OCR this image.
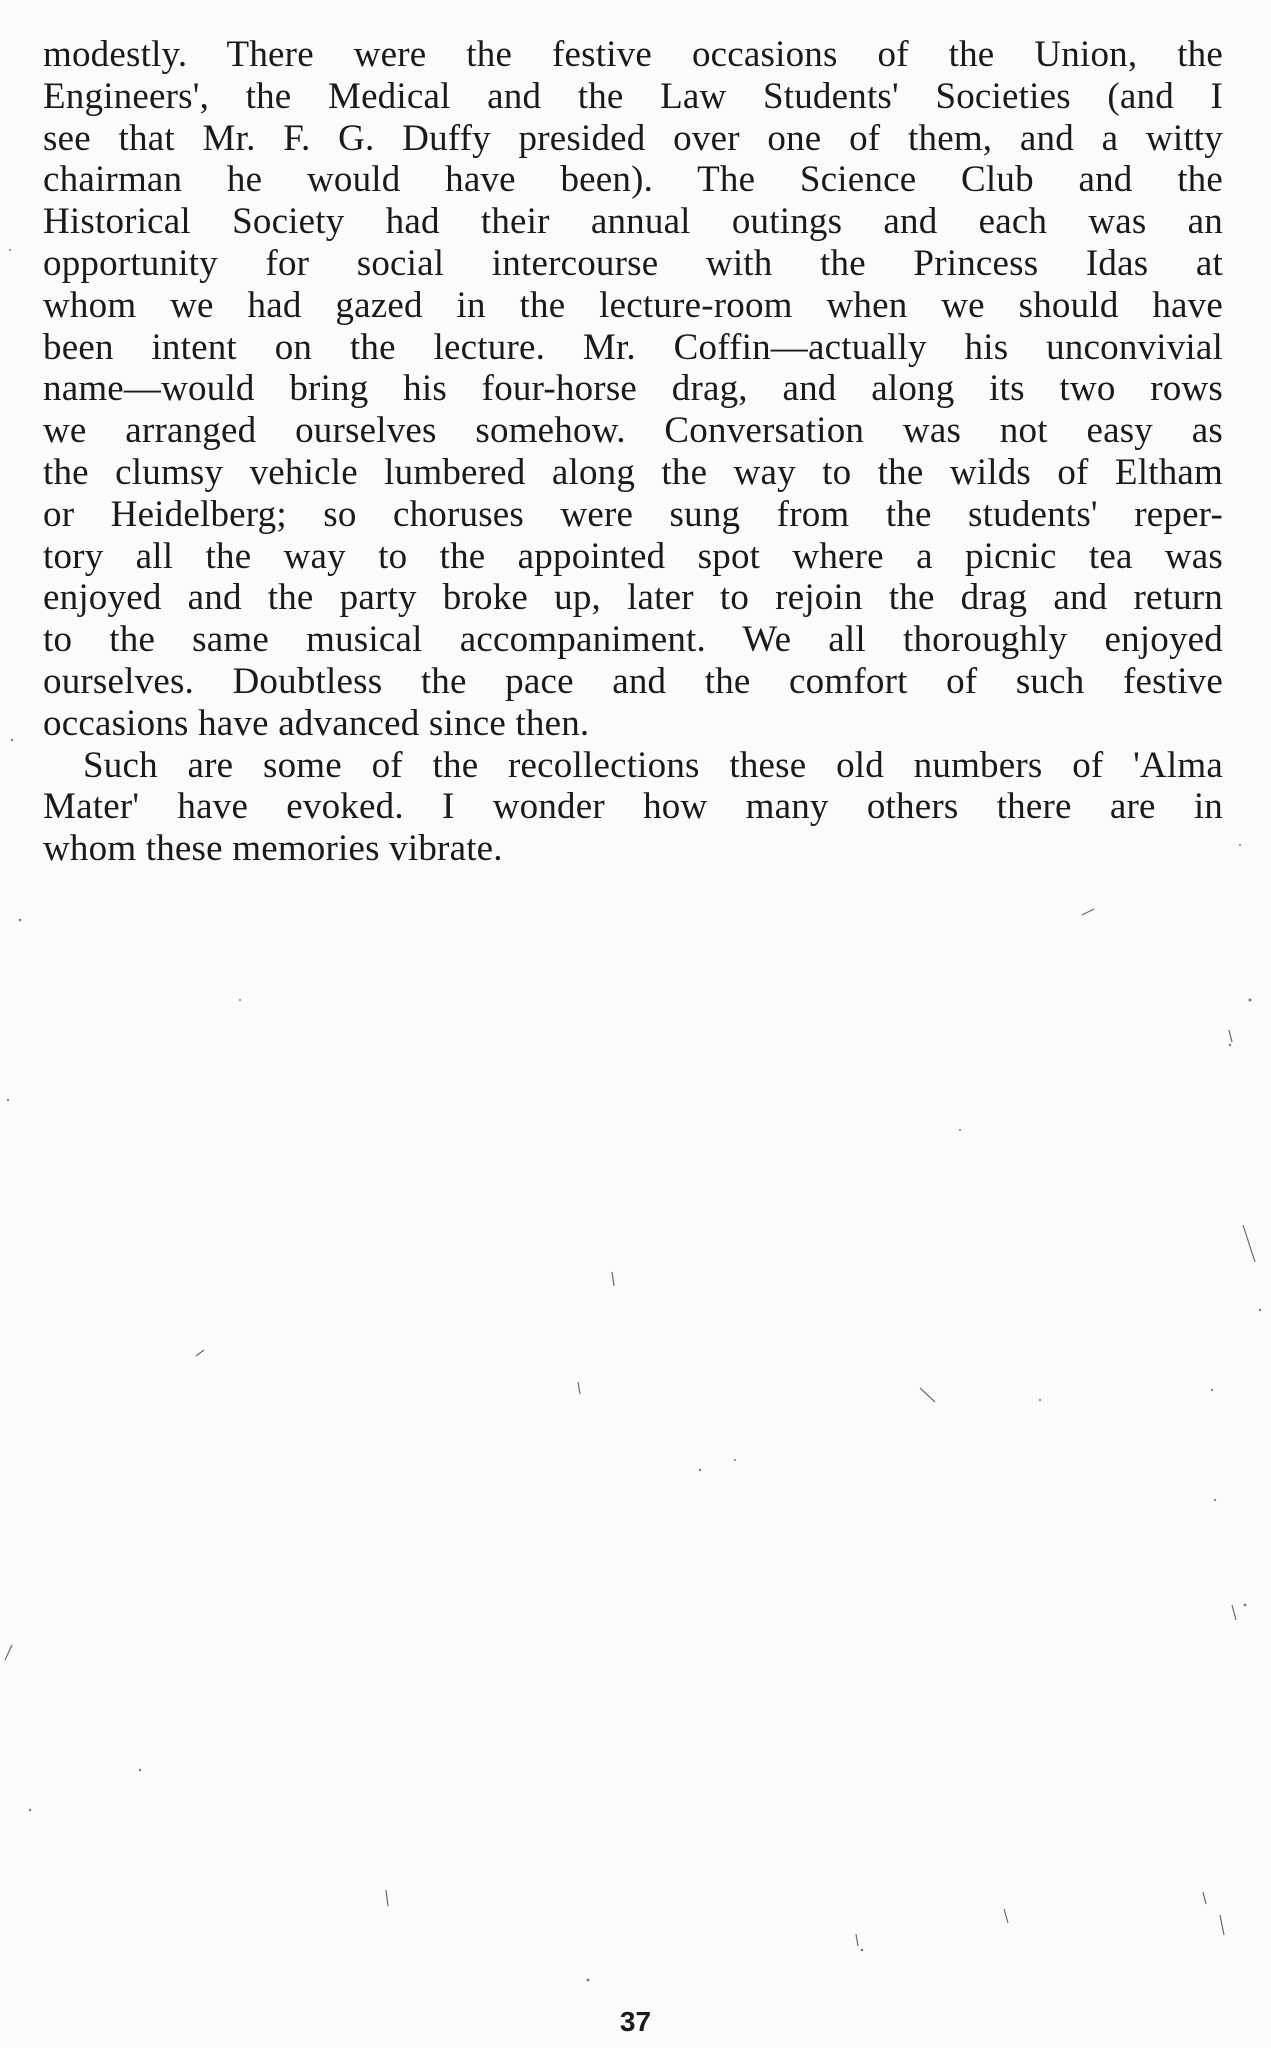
modestly. There were the festive occasions of the Union, the
Engineers', the Medical and the Law Students' Societies (and I
see that Mr. F. G. Duffy presided over one of them, and a witty
chairman he would have been). The Science Club and the
Historical Society had their annual outings and each was an
opportunity for social intercourse with the Princess Idas at
whom we had gazed in the lecture-room when we should have
been intent on the lecture. Mr. Coffin—actually his unconvivial
name—would bring his four-horse drag, and along its two rows
we arranged ourselves somehow. Conversation was not easy as
the clumsy vehicle lumbered along the way to the wilds of Eltham
or Heidelberg; so choruses were sung from the students' reper-
tory all the way to the appointed spot where a picnic tea was
enjoyed and the party broke up, later to rejoin the drag and return
to the same musical accompaniment. We all thoroughly enjoyed
ourselves. Doubtless the pace and the comfort of such festive
occasions have advanced since then.
Such are some of the recollections these old numbers of 'Alma
Mater' have evoked. I wonder how many others there are in
whom these memories vibrate.
37
